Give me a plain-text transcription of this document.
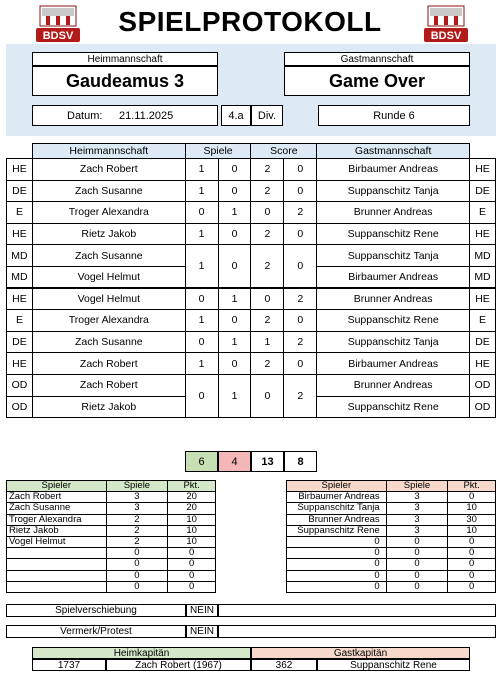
BDSV	BDSV
SPIELPROTOKOLL
Heimmannschaft
Gaudeamus 3
Gastmannschaft
Game Over
Datum: 21.11.2025	4.a	Div.	Runde 6
	Heimmannschaft	Spiele		Score		Gastmannschaft	
HE	Zach Robert	1	0	2	0	Birbaumer Andreas	HE
DE	Zach Susanne	1	0	2	0	Suppanschitz Tanja	DE
E	Troger Alexandra	0	1	0	2	Brunner Andreas	E
HE	Rietz Jakob	1	0	2	0	Suppanschitz Rene	HE
MD	Zach Susanne	1	0	2	0	Suppanschitz Tanja	MD
MD	Vogel Helmut					Birbaumer Andreas	MD
HE	Vogel Helmut	0	1	0	2	Brunner Andreas	HE
E	Troger Alexandra	1	0	2	0	Suppanschitz Rene	E
DE	Zach Susanne	0	1	1	2	Suppanschitz Tanja	DE
HE	Zach Robert	1	0	2	0	Birbaumer Andreas	HE
OD	Zach Robert	0	1	0	2	Brunner Andreas	OD
OD	Rietz Jakob					Suppanschitz Rene	OD
6	4	13	8
Spieler	Spiele	Pkt.
Zach Robert	3	20
Zach Susanne	3	20
Troger Alexandra	2	10
Rietz Jakob	2	10
Vogel Helmut	2	10
	0	0
	0	0
	0	0
	0	0
Spieler	Spiele	Pkt.
Birbaumer Andreas	3	0
Suppanschitz Tanja	3	10
Brunner Andreas	3	30
Suppanschitz Rene	3	10
0	0	0
0	0	0
0	0	0
0	0	0
0	0	0
Spielverschiebung	NEIN
Vermerk/Protest	NEIN
Heimkapitän	Gastkapitän
1737	Zach Robert (1967)	362	Suppanschitz Rene
